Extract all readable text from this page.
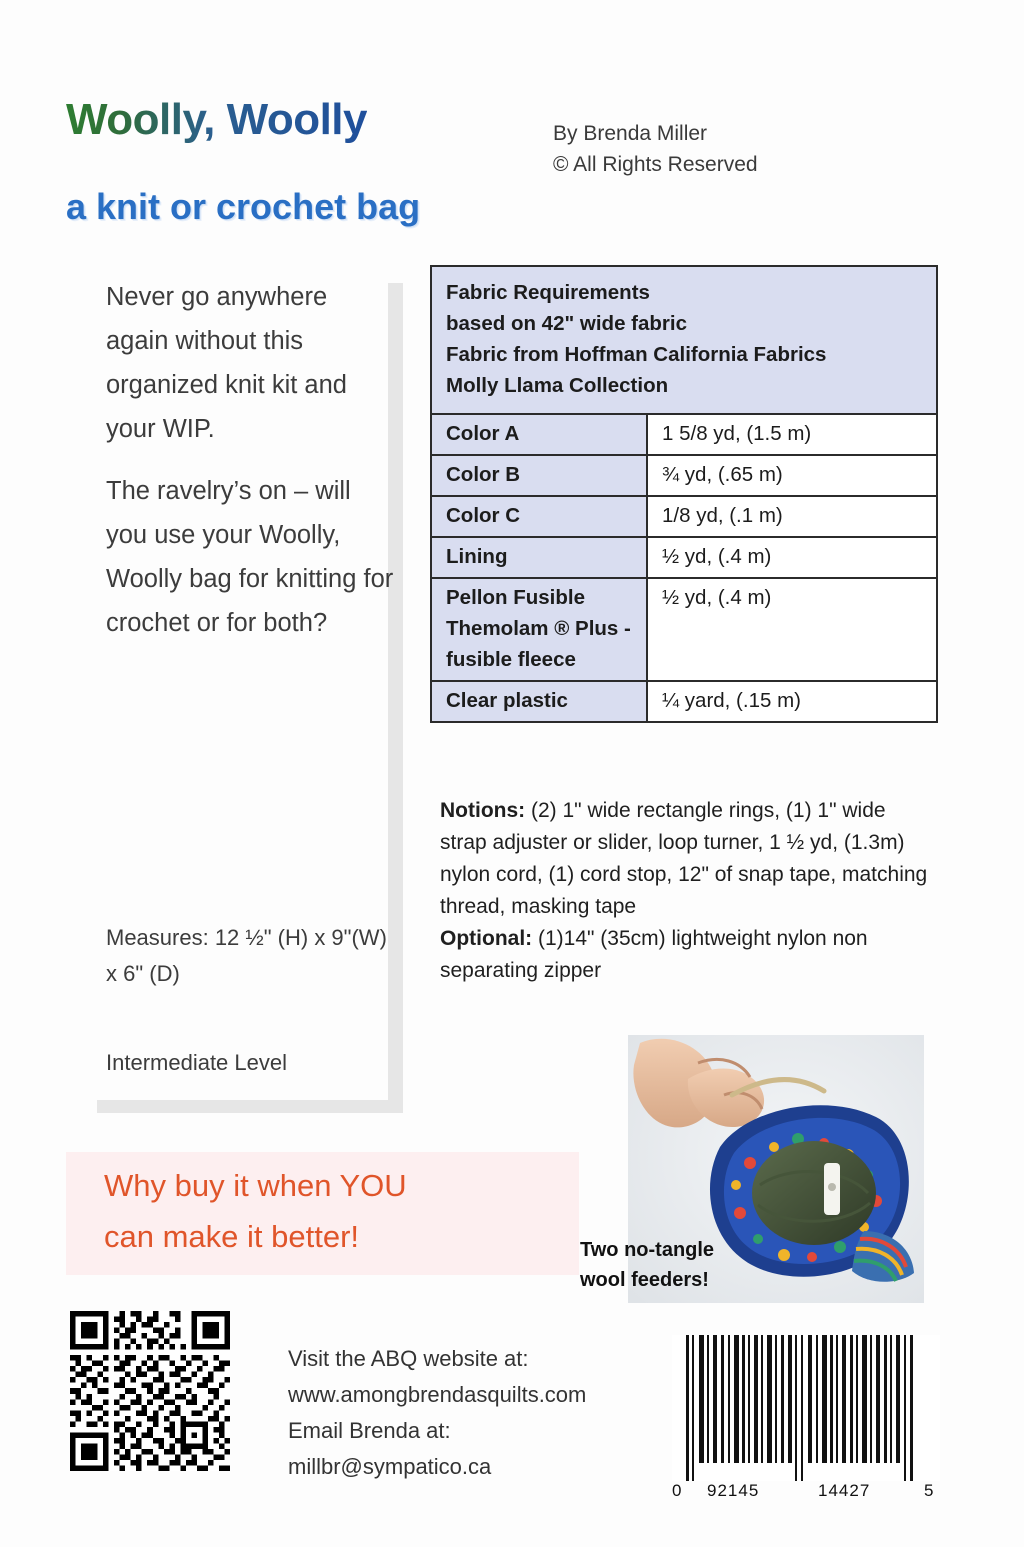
Woolly, Woolly
a knit or crochet bag
By Brenda Miller
© All Rights Reserved

Never go anywhere again without this organized knit kit and your WIP.

The ravelry’s on – will you use your Woolly, Woolly bag for knitting for crochet or for both?

Measures: 12 ½" (H) x 9"(W) x 6" (D)
Intermediate Level
Fabric Requirements
based on 42" wide fabric
Fabric from Hoffman California Fabrics
Molly Llama Collection
Color A	1 5/8 yd, (1.5 m)
Color B	¾ yd, (.65 m)
Color C	1/8 yd, (.1 m)
Lining	½ yd, (.4 m)
Pellon Fusible Themolam ® Plus - fusible fleece	½ yd, (.4 m)
Clear plastic	¼ yard, (.15 m)
Notions: (2) 1" wide rectangle rings, (1) 1" wide strap adjuster or slider, loop turner, 1 ½ yd, (1.3m) nylon cord, (1) cord stop, 12" of snap tape, matching thread, masking tape
Optional: (1)14" (35cm) lightweight nylon non separating zipper
Two no-tangle wool feeders!
Why buy it when YOU
can make it better!
Visit the ABQ website at:
www.amongbrendasquilts.com
Email Brenda at:
millbr@sympatico.ca
0 92145	14427	5
